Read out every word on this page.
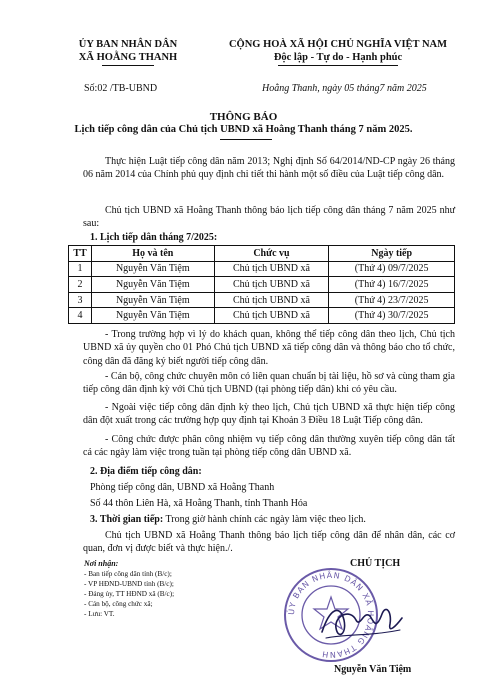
ỦY BAN NHÂN DÂN
XÃ HOẰNG THANH
CỘNG HOÀ XÃ HỘI CHỦ NGHĨA VIỆT NAM
Độc lập - Tự do - Hạnh phúc
Số:02 /TB-UBND	Hoằng Thanh, ngày 05 tháng7 năm 2025
THÔNG BÁO
Lịch tiếp công dân của Chủ tịch UBND xã Hoằng Thanh tháng 7 năm 2025.
Thực hiện Luật tiếp công dân năm 2013; Nghị định Số 64/2014/ND-CP ngày 26 tháng 06 năm 2014 của Chính phủ quy định chi tiết thi hành một số điều của Luật tiếp công dân.
Chủ tịch UBND xã Hoằng Thanh thông báo lịch tiếp công dân tháng 7 năm 2025 như sau:
1. Lịch tiếp dân tháng 7/2025:
TT	Họ và tên	Chức vụ	Ngày tiếp
1	Nguyễn Văn Tiệm	Chủ tịch UBND xã	(Thứ 4) 09/7/2025
2	Nguyễn Văn Tiệm	Chủ tịch UBND xã	(Thứ 4) 16/7/2025
3	Nguyễn Văn Tiệm	Chủ tịch UBND xã	(Thứ 4) 23/7/2025
4	Nguyễn Văn Tiệm	Chủ tịch UBND xã	(Thứ 4) 30/7/2025
- Trong trường hợp vì lý do khách quan, không thể tiếp công dân theo lịch, Chủ tịch UBND xã ủy quyền cho 01 Phó Chủ tịch UBND xã tiếp công dân và thông báo cho tổ chức, công dân đã đăng ký biết người tiếp công dân.
- Cán bộ, công chức chuyên môn có liên quan chuẩn bị tài liệu, hồ sơ và cùng tham gia tiếp công dân định kỳ với Chủ tịch UBND (tại phòng tiếp dân) khi có yêu cầu.
- Ngoài việc tiếp công dân định kỳ theo lịch, Chủ tịch UBND xã thực hiện tiếp công dân đột xuất trong các trường hợp quy định tại Khoản 3 Điều 18 Luật Tiếp công dân.
- Công chức được phân công nhiệm vụ tiếp công dân thường xuyên tiếp công dân tất cả các ngày làm việc trong tuần tại phòng tiếp công dân UBND xã.
2. Địa điểm tiếp công dân:
Phòng tiếp công dân, UBND xã Hoằng Thanh
Số 44 thôn Liên Hà, xã Hoằng Thanh, tỉnh Thanh Hóa
3. Thời gian tiếp: Trong giờ hành chính các ngày làm việc theo lịch.
Chủ tịch UBND xã Hoằng Thanh thông báo lịch tiếp công dân để nhân dân, các cơ quan, đơn vị được biết và thực hiện./.
Nơi nhận:
- Ban tiếp công dân tỉnh (B/c);
- VP HĐND-UBND tỉnh (B/c);
- Đảng ủy, TT HĐND xã (B/c);
- Cán bộ, công chức xã;
- Lưu: VT.
CHỦ TỊCH
ỦY BAN NHÂN DÂN XÃ HOẰNG THANH
Nguyễn Văn Tiệm
